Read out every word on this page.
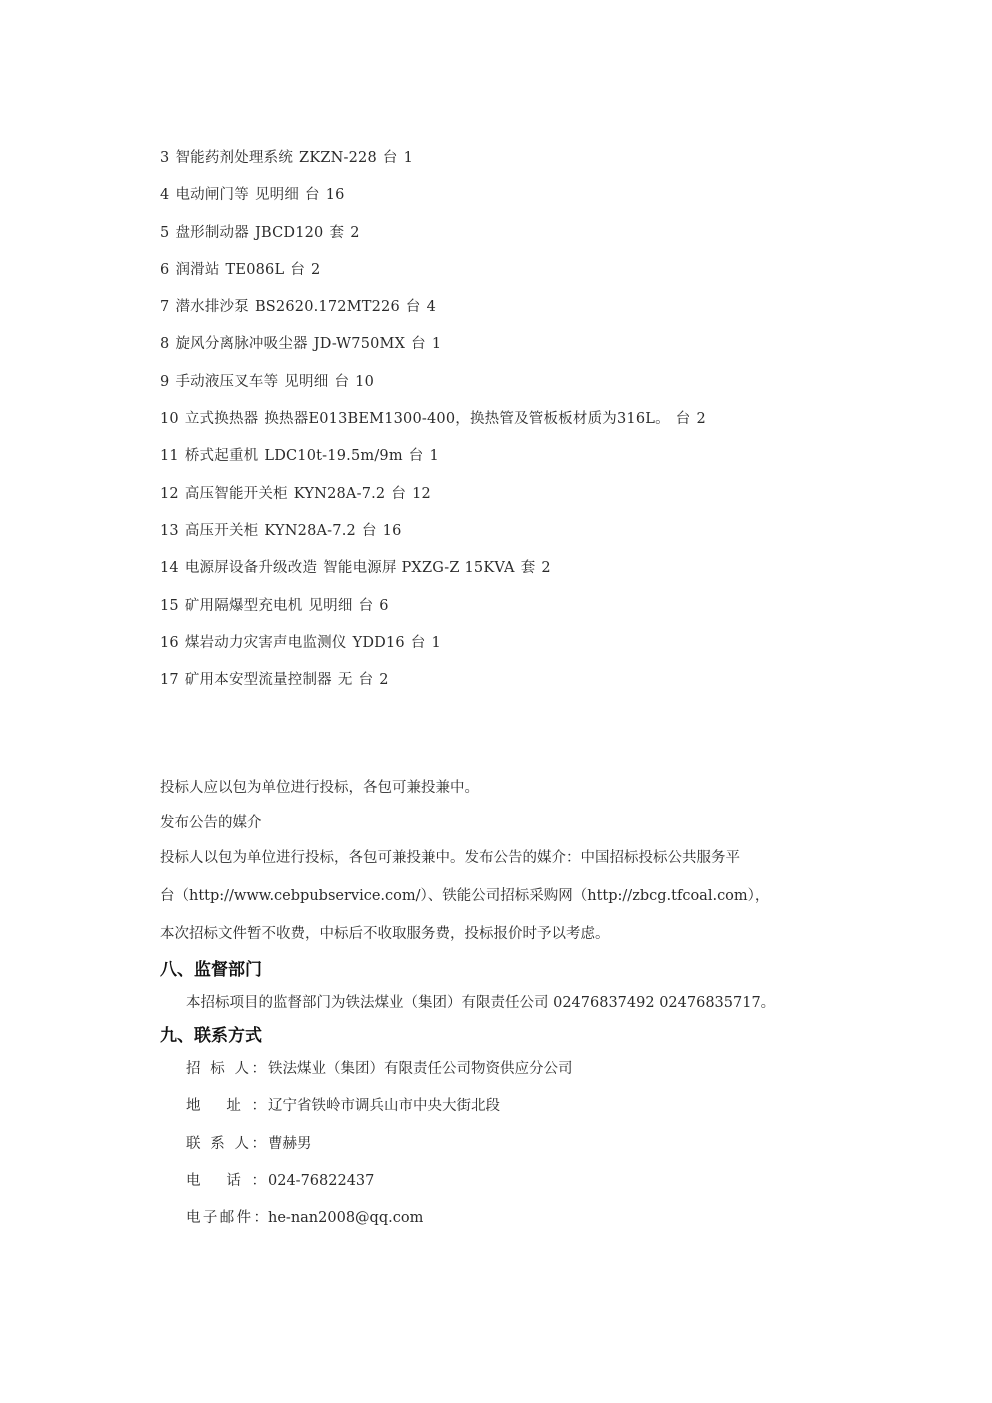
3 智能药剂处理系统 ZKZN-228 台 1
4 电动闸门等 见明细 台 16
5 盘形制动器 JBCD120 套 2
6 润滑站 TE086L 台 2
7 潜水排沙泵 BS2620.172MT226 台 4
8 旋风分离脉冲吸尘器 JD-W750MX 台 1
9 手动液压叉车等 见明细 台 10
10 立式换热器 换热器E013BEM1300-400，换热管及管板板材质为316L。 台 2
11 桥式起重机 LDC10t-19.5m/9m 台 1
12 高压智能开关柜 KYN28A-7.2 台 12
13 高压开关柜 KYN28A-7.2 台 16
14 电源屏设备升级改造 智能电源屏 PXZG-Z 15KVA 套 2
15 矿用隔爆型充电机 见明细 台 6
16 煤岩动力灾害声电监测仪 YDD16 台 1
17 矿用本安型流量控制器 无 台 2

投标人应以包为单位进行投标，各包可兼投兼中。

发布公告的媒介

投标人以包为单位进行投标，各包可兼投兼中。发布公告的媒介：中国招标投标公共服务平

台（http://www.cebpubservice.com/）、铁能公司招标采购网（http://zbcg.tfcoal.com），

本次招标文件暂不收费，中标后不收取服务费，投标报价时予以考虑。

八、监督部门

本招标项目的监督部门为铁法煤业（集团）有限责任公司 02476837492 02476835717。

九、联系方式
招 标 人：铁法煤业（集团）有限责任公司物资供应分公司
地 址：辽宁省铁岭市调兵山市中央大街北段
联 系 人：曹赫男
电 话：024-76822437
电子邮件：he-nan2008@qq.com
